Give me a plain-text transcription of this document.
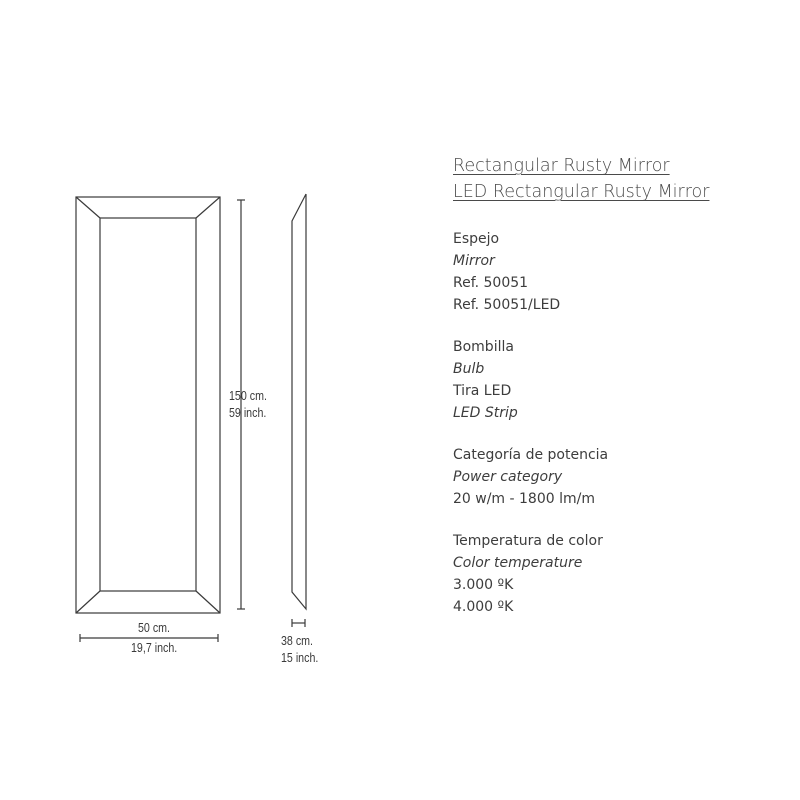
150 cm.
59 inch.
50 cm.
19,7 inch.	38 cm.
15 inch.
Rectangular Rusty Mirror
LED Rectangular Rusty Mirror
Espejo
Mirror
Ref. 50051
Ref. 50051/LED
Bombilla
Bulb
Tira LED
LED Strip
Categoría de potencia
Power category
20 w/m - 1800 lm/m
Temperatura de color
Color temperature
3.000 ºK
4.000 ºK
